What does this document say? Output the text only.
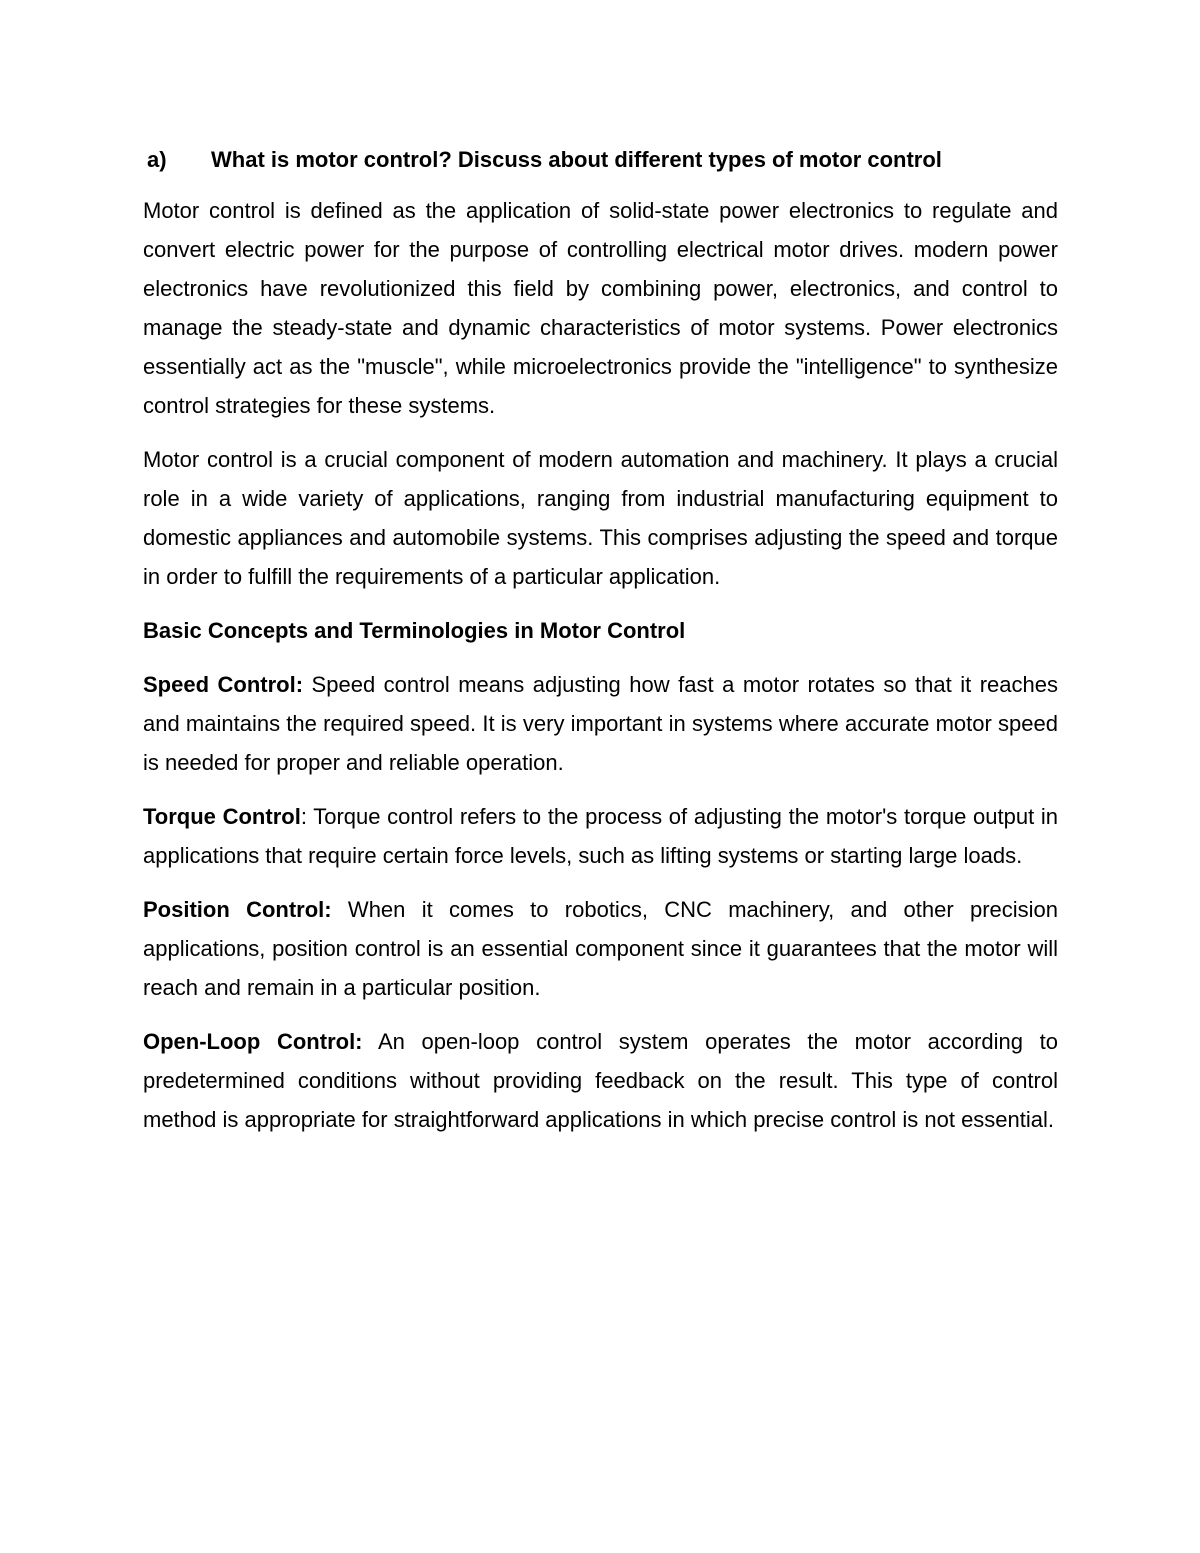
a) What is motor control? Discuss about different types of motor control

Motor control is defined as the application of solid-state power electronics to regulate and convert electric power for the purpose of controlling electrical motor drives. modern power electronics have revolutionized this field by combining power, electronics, and control to manage the steady-state and dynamic characteristics of motor systems. Power electronics essentially act as the "muscle", while microelectronics provide the "intelligence" to synthesize control strategies for these systems.

Motor control is a crucial component of modern automation and machinery. It plays a crucial role in a wide variety of applications, ranging from industrial manufacturing equipment to domestic appliances and automobile systems. This comprises adjusting the speed and torque in order to fulfill the requirements of a particular application.

Basic Concepts and Terminologies in Motor Control

Speed Control: Speed control means adjusting how fast a motor rotates so that it reaches and maintains the required speed. It is very important in systems where accurate motor speed is needed for proper and reliable operation.

Torque Control: Torque control refers to the process of adjusting the motor's torque output in applications that require certain force levels, such as lifting systems or starting large loads.

Position Control: When it comes to robotics, CNC machinery, and other precision applications, position control is an essential component since it guarantees that the motor will reach and remain in a particular position.

Open-Loop Control: An open-loop control system operates the motor according to predetermined conditions without providing feedback on the result. This type of control method is appropriate for straightforward applications in which precise control is not essential.
